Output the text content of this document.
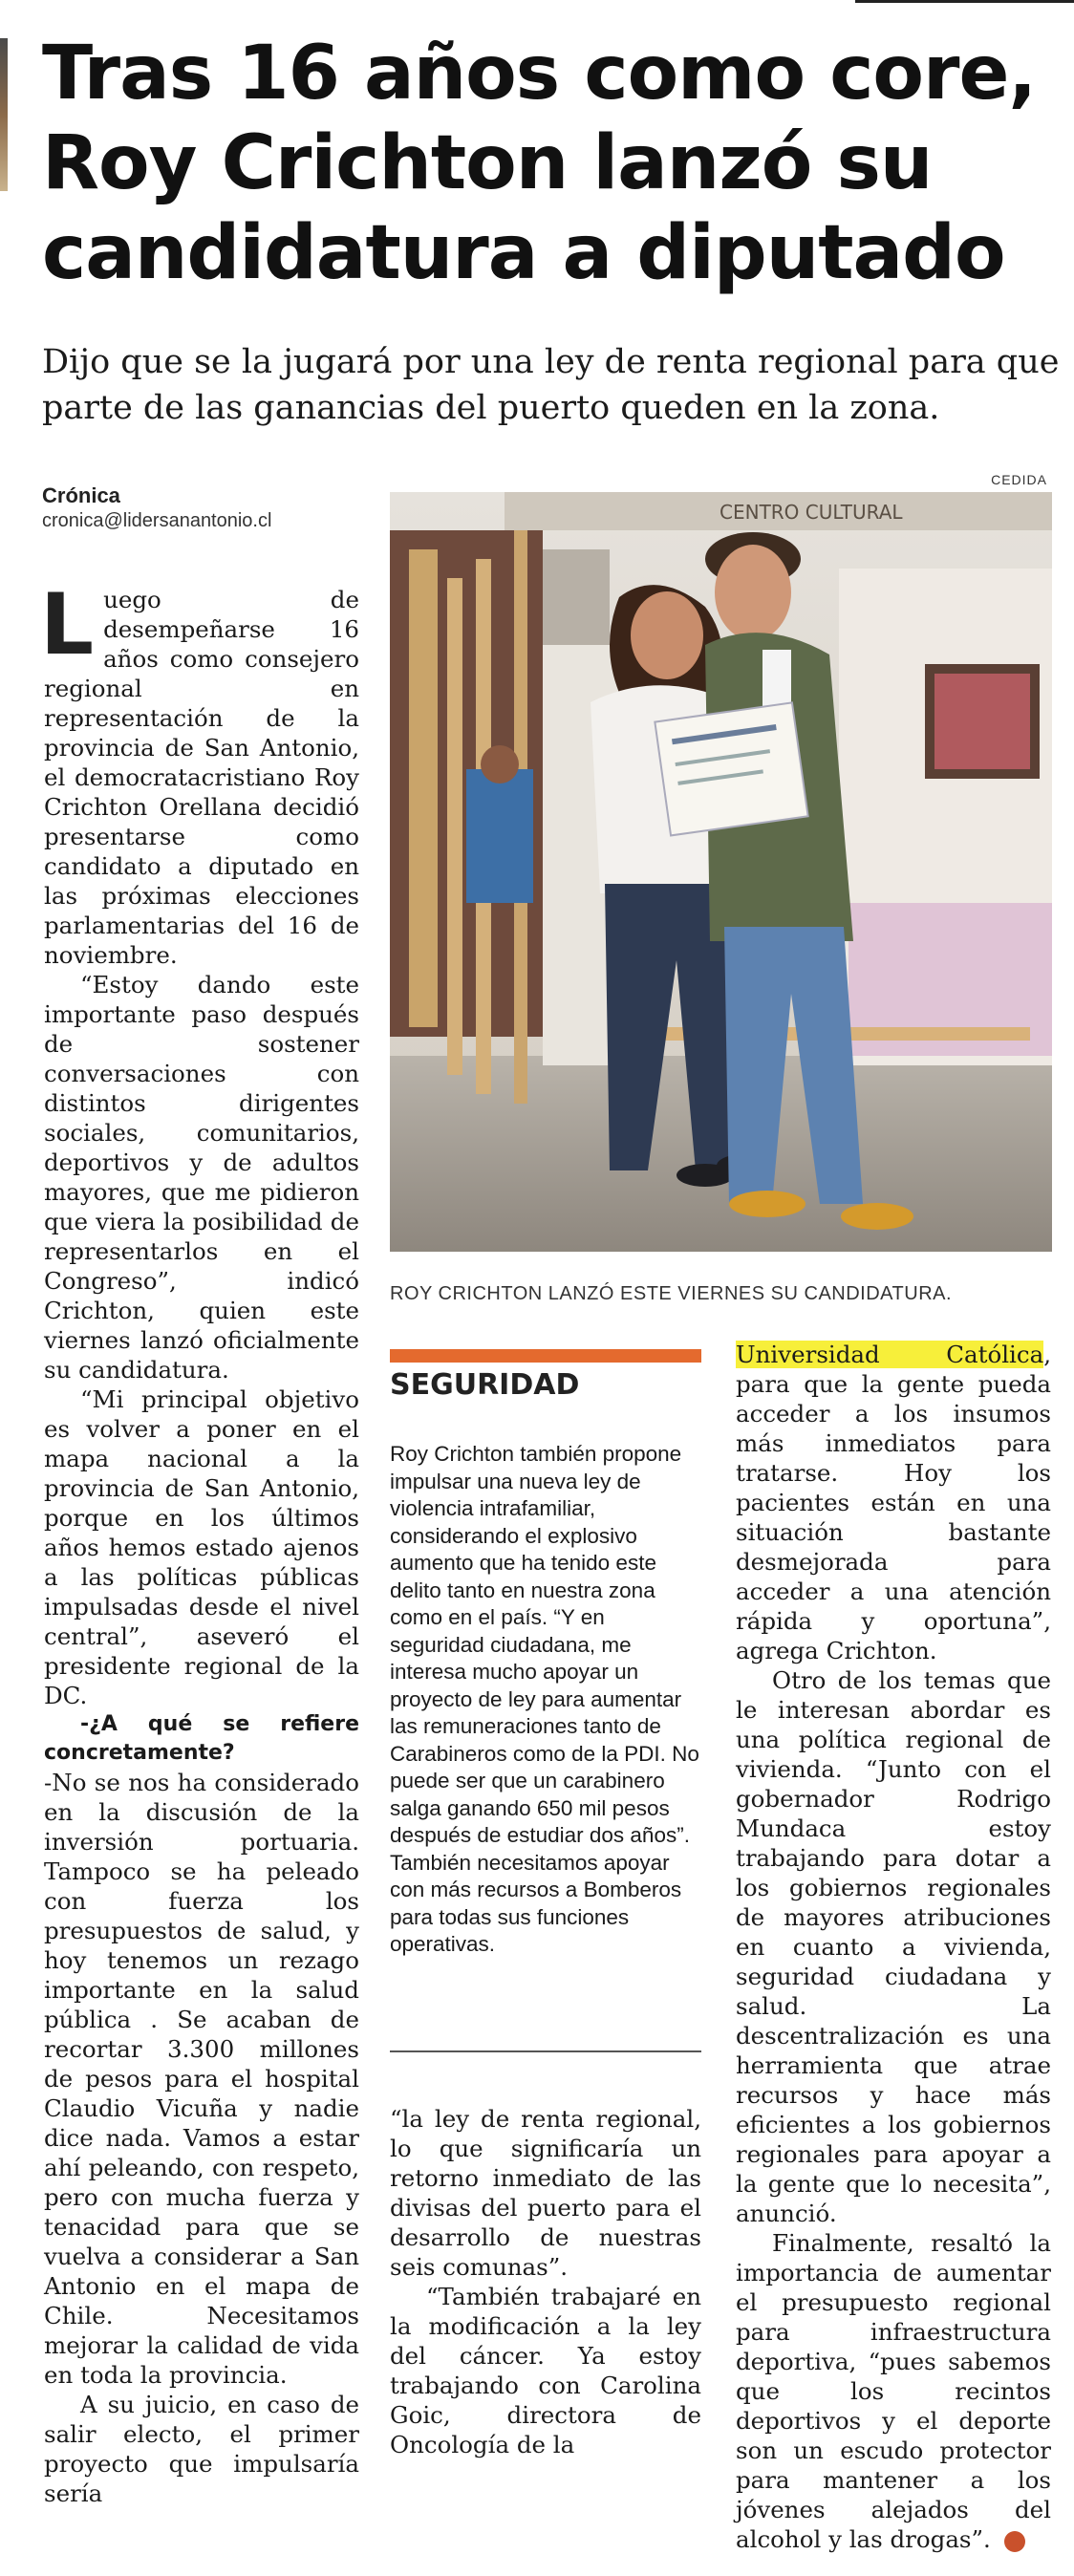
Tras 16 años como core, Roy Crichton lanzó su candidatura a diputado

Dijo que se la jugará por una ley de renta regional para que parte de las ganancias del puerto queden en la zona.

Crónica
cronica@lidersanantonio.cl
CEDIDA

Luego de desempeñarse 16 años como consejero regional en representación de la provincia de San Antonio, el democratacristiano Roy Crichton Orellana decidió presentarse como candidato a diputado en las próximas elecciones parlamentarias del 16 de noviembre.

“Estoy dando este importante paso después de sostener conversaciones con distintos dirigentes sociales, comunitarios, deportivos y de adultos mayores, que me pidieron que viera la posibilidad de representarlos en el Congreso”, indicó Crichton, quien este viernes lanzó oficialmente su candidatura.

“Mi principal objetivo es volver a poner en el mapa nacional a la provincia de San Antonio, porque en los últimos años hemos estado ajenos a las políticas públicas impulsadas desde el nivel central”, aseveró el presidente regional de la DC.

-¿A qué se refiere concretamente?

-No se nos ha considerado en la discusión de la inversión portuaria. Tampoco se ha peleado con fuerza los presupuestos de salud, y hoy tenemos un rezago importante en la salud pública . Se acaban de recortar 3.300 millones de pesos para el hospital Claudio Vicuña y nadie dice nada. Vamos a estar ahí peleando, con respeto, pero con mucha fuerza y tenacidad para que se vuelva a considerar a San Antonio en el mapa de Chile. Necesitamos mejorar la calidad de vida en toda la provincia.

A su juicio, en caso de salir electo, el primer proyecto que impulsaría sería

CENTRO CULTURAL
ROY CRICHTON LANZÓ ESTE VIERNES SU CANDIDATURA.
SEGURIDAD

Roy Crichton también propone impulsar una nueva ley de violencia intrafamiliar, considerando el explosivo aumento que ha tenido este delito tanto en nuestra zona como en el país. “Y en seguridad ciudadana, me interesa mucho apoyar un proyecto de ley para aumentar las remuneraciones tanto de Carabineros como de la PDI. No puede ser que un carabinero salga ganando 650 mil pesos después de estudiar dos años”. También necesitamos apoyar con más recursos a Bomberos para todas sus funciones operativas.

“la ley de renta regional, lo que significaría un retorno inmediato de las divisas del puerto para el desarrollo de nuestras seis comunas”.

“También trabajaré en la modificación a la ley del cáncer. Ya estoy trabajando con Carolina Goic, directora de Oncología de la

Universidad Católica, para que la gente pueda acceder a los insumos más inmediatos para tratarse. Hoy los pacientes están en una situación bastante desmejorada para acceder a una atención rápida y oportuna”, agrega Crichton.

Otro de los temas que le interesan abordar es una política regional de vivienda. “Junto con el gobernador Rodrigo Mundaca estoy trabajando para dotar a los gobiernos regionales de mayores atribuciones en cuanto a vivienda, seguridad ciudadana y salud. La descentralización es una herramienta que atrae recursos y hace más eficientes a los gobiernos regionales para apoyar a la gente que lo necesita”, anunció.

Finalmente, resaltó la importancia de aumentar el presupuesto regional para infraestructura deportiva, “pues sabemos que los recintos deportivos y el deporte son un escudo protector para mantener a los jóvenes alejados del alcohol y las drogas”.	✪
